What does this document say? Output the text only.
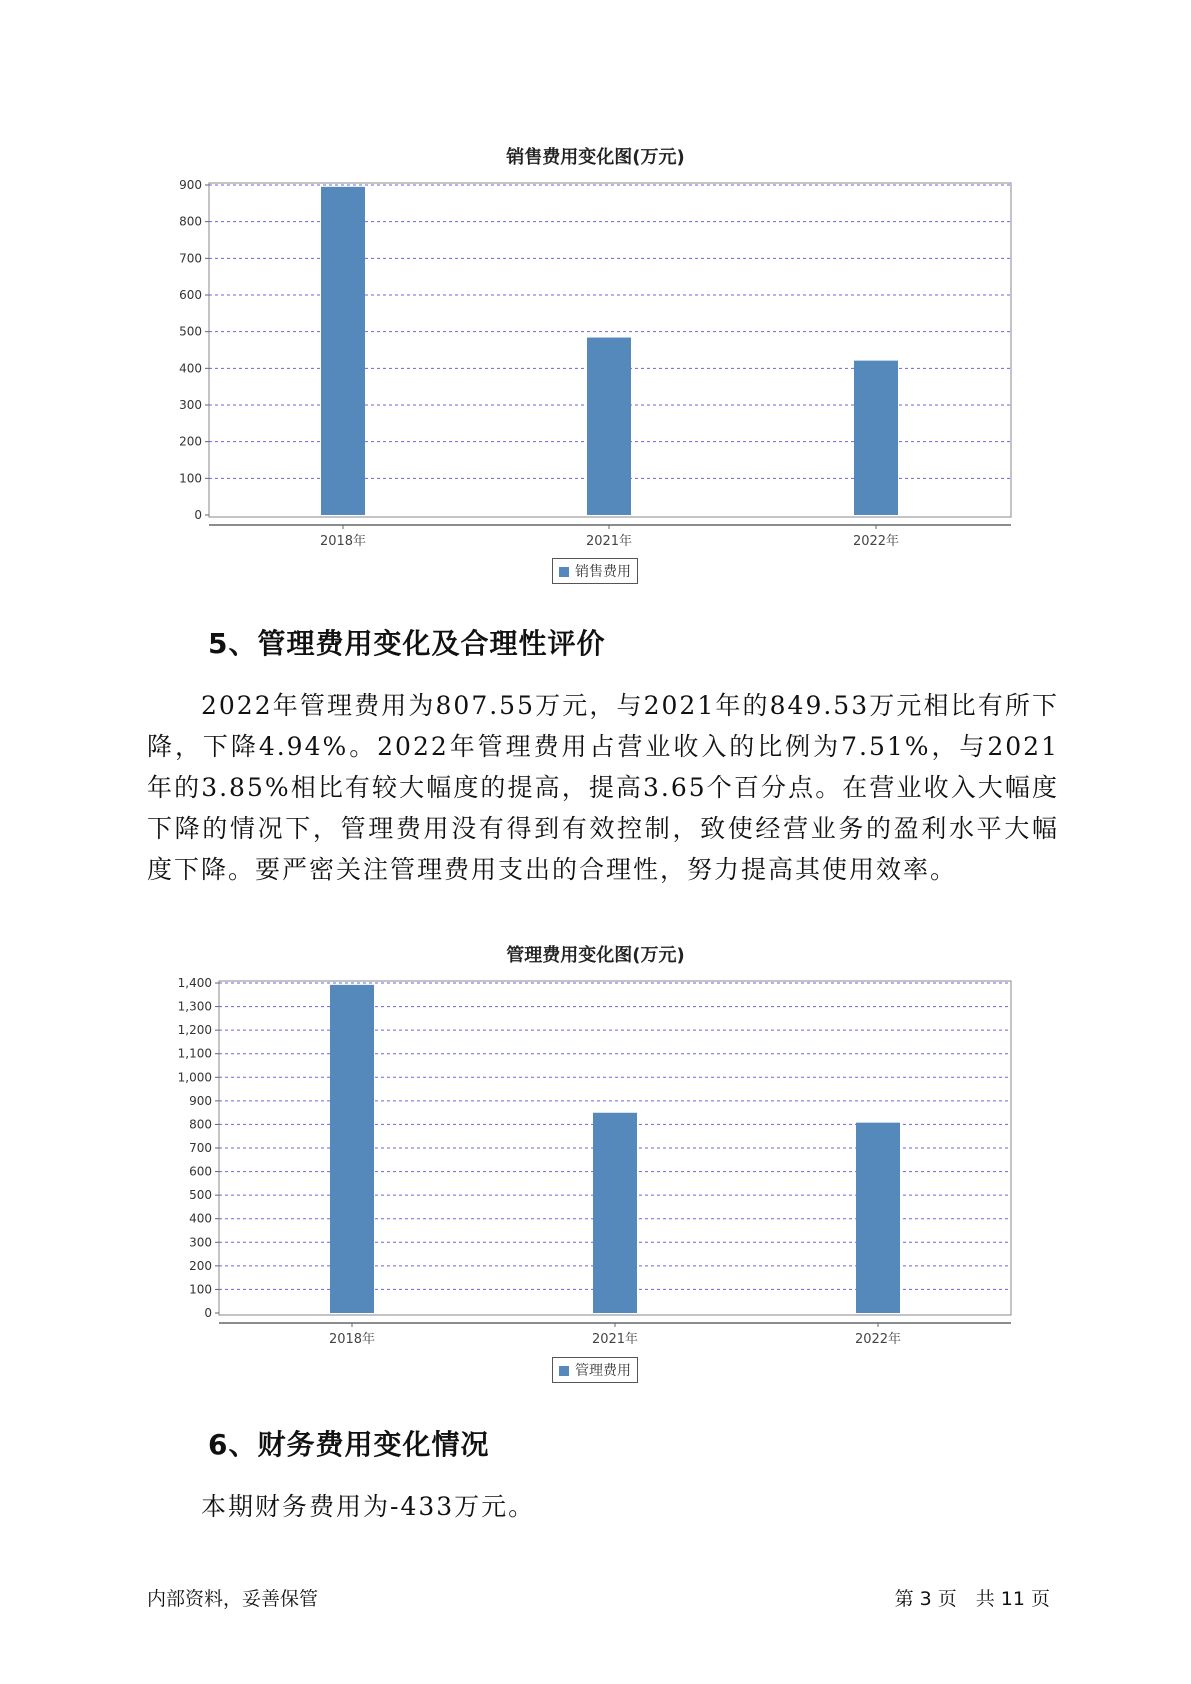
销售费用变化图(万元)
0
100
200
300
400
500
600
700
800
900
2018年	2021年	2022年
销售费用
5、管理费用变化及合理性评价

2022年管理费用为807.55万元，与2021年的849.53万元相比有所下降，下降4.94%。2022年管理费用占营业收入的比例为7.51%，与2021年的3.85%相比有较大幅度的提高，提高3.65个百分点。在营业收入大幅度下降的情况下，管理费用没有得到有效控制，致使经营业务的盈利水平大幅度下降。要严密关注管理费用支出的合理性，努力提高其使用效率。

管理费用变化图(万元)
0
100
200
300
400
500
600
700
800
900
1,000
1,100
1,200
1,300
1,400
2018年	2021年	2022年
管理费用
6、财务费用变化情况
本期财务费用为-433万元。
内部资料，妥善保管	第 3 页　共 11 页
